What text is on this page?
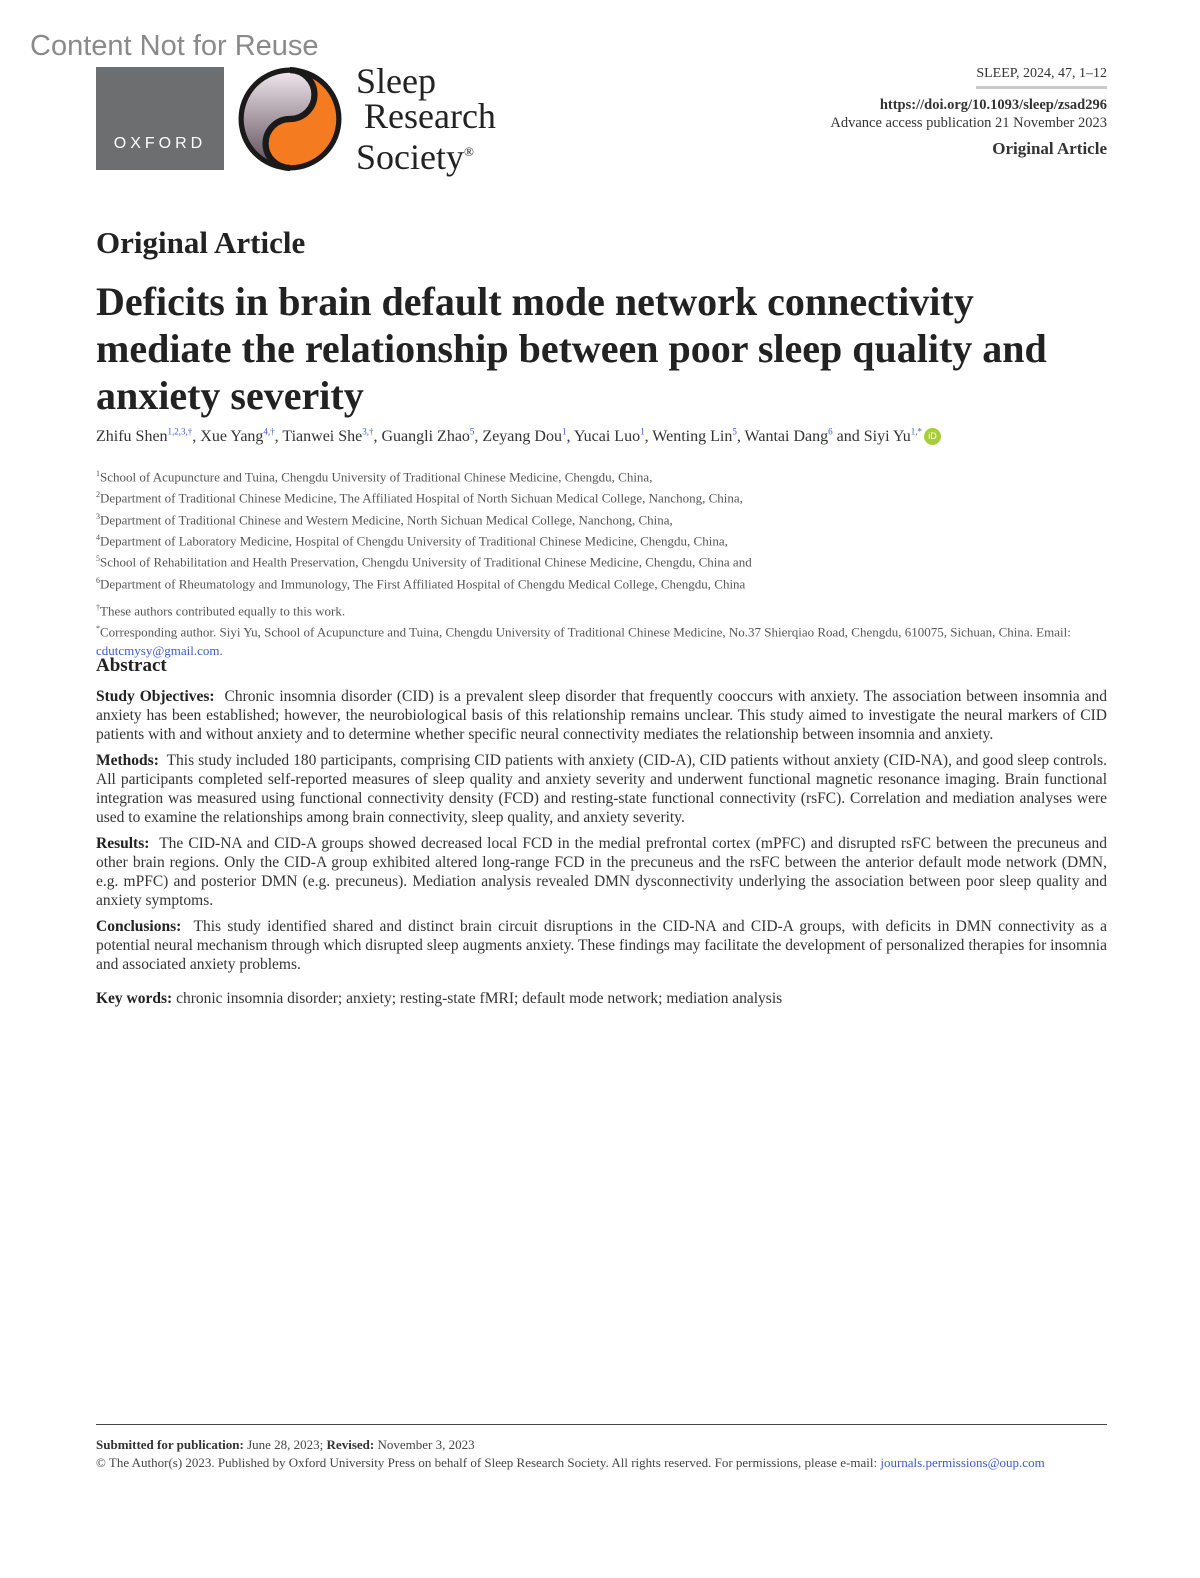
Content Not for Reuse
OXFORD
Sleep
Research
Society®
SLEEP, 2024, 47, 1–12
https://doi.org/10.1093/sleep/zsad296
Advance access publication 21 November 2023
Original Article
Original Article
Deficits in brain default mode network connectivity mediate the relationship between poor sleep quality and anxiety severity
Zhifu Shen$^{1,2,3,\dagger}$, Xue Yang$^{4,\dagger}$, Tianwei She$^{3,\dagger}$, Guangli Zhao$^5$, Zeyang Dou$^1$, Yucai Luo$^1$, Wenting Lin$^5$, Wantai Dang$^6$ and Siyi $Yu^{1,*}$ iD
$^1$School of Acupuncture and Tuina, Chengdu University of Traditional Chinese Medicine, Chengdu, China,
$^2$Department of Traditional Chinese Medicine, The Affiliated Hospital of North Sichuan Medical College, Nanchong, China,
$^3$Department of Traditional Chinese and Western Medicine, North Sichuan Medical College, Nanchong, China,
$^4$Department of Laboratory Medicine, Hospital of Chengdu University of Traditional Chinese Medicine, Chengdu, China,
$^5$School of Rehabilitation and Health Preservation, Chengdu University of Traditional Chinese Medicine, Chengdu, China and
$^6$Department of Rheumatology and Immunology, The First Affiliated Hospital of Chengdu Medical College, Chengdu, China
†These authors contributed equally to this work.
*Corresponding author. Siyi Yu, School of Acupuncture and Tuina, Chengdu University of Traditional Chinese Medicine, No.37 Shierqiao Road, Chengdu, 610075, Sichuan, China. Email: cdutcmysy@gmail.com.
Abstract

Study Objectives: Chronic insomnia disorder (CID) is a prevalent sleep disorder that frequently cooccurs with anxiety. The association between insomnia and anxiety has been established; however, the neurobiological basis of this relationship remains unclear. This study aimed to investigate the neural markers of CID patients with and without anxiety and to determine whether specific neural connectivity mediates the relationship between insomnia and anxiety.

Methods: This study included 180 participants, comprising CID patients with anxiety (CID-A), CID patients without anxiety (CID-NA), and good sleep controls. All participants completed self-reported measures of sleep quality and anxiety severity and underwent functional magnetic resonance imaging. Brain functional integration was measured using functional connectivity density (FCD) and resting-state functional connectivity (rsFC). Correlation and mediation analyses were used to examine the relationships among brain connectivity, sleep quality, and anxiety severity.

Results: The CID-NA and CID-A groups showed decreased local FCD in the medial prefrontal cortex (mPFC) and disrupted rsFC between the precuneus and other brain regions. Only the CID-A group exhibited altered long-range FCD in the precuneus and the rsFC between the anterior default mode network (DMN, e.g. mPFC) and posterior DMN (e.g. precuneus). Mediation analysis revealed DMN dysconnectivity underlying the association between poor sleep quality and anxiety symptoms.

Conclusions: This study identified shared and distinct brain circuit disruptions in the CID-NA and CID-A groups, with deficits in DMN connectivity as a potential neural mechanism through which disrupted sleep augments anxiety. These findings may facilitate the development of personalized therapies for insomnia and associated anxiety problems.

Key words: chronic insomnia disorder; anxiety; resting-state fMRI; default mode network; mediation analysis
Submitted for publication: June 28, 2023; Revised: November 3, 2023
© The Author(s) 2023. Published by Oxford University Press on behalf of Sleep Research Society. All rights reserved. For permissions, please e-mail: journals.permissions@oup.com
